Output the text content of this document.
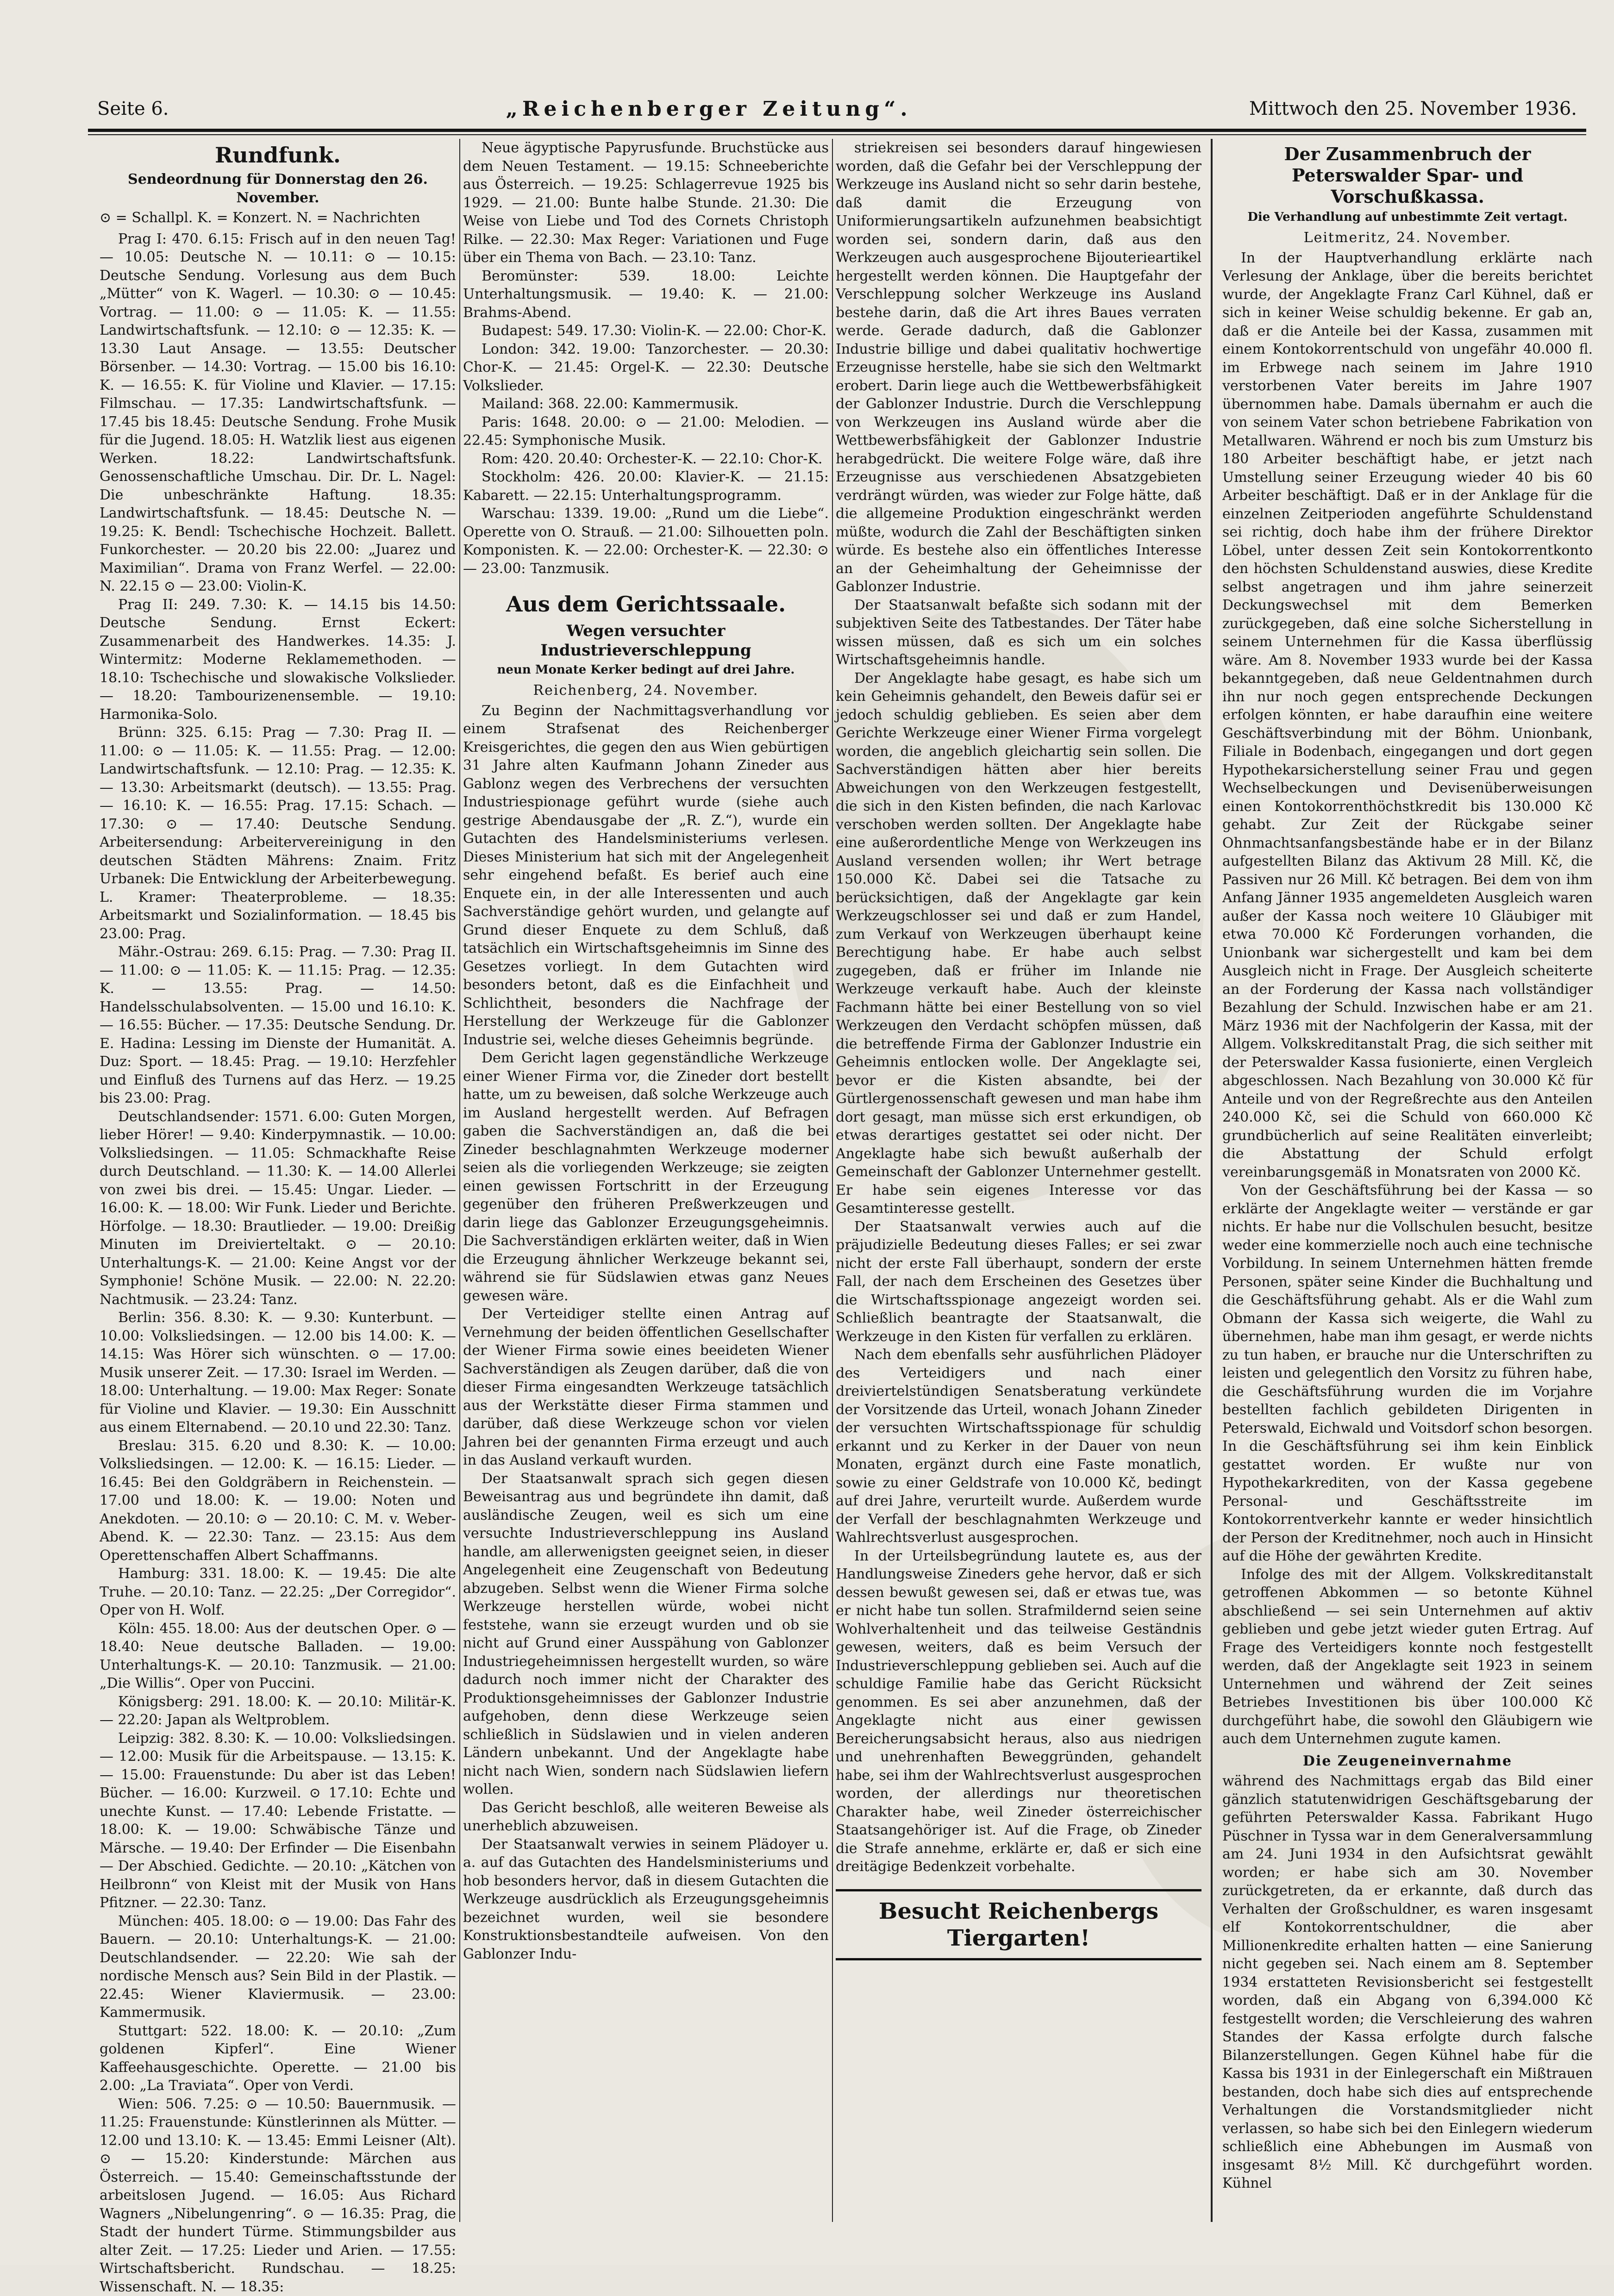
Seite 6.	„Reichenberger Zeitung“.	Mittwoch den 25. November 1936.
Rundfunk.
Sendeordnung für Donnerstag den 26. November.
⊙ = Schallpl. K. = Konzert. N. = Nachrichten

Prag I: 470. 6.15: Frisch auf in den neuen Tag! — 10.05: Deutsche N. — 10.11: ⊙ — 10.15: Deutsche Sendung. Vorlesung aus dem Buch „Mütter“ von K. Wagerl. — 10.30: ⊙ — 10.45: Vortrag. — 11.00: ⊙ — 11.05: K. — 11.55: Landwirtschaftsfunk. — 12.10: ⊙ — 12.35: K. — 13.30 Laut Ansage. — 13.55: Deutscher Börsenber. — 14.30: Vortrag. — 15.00 bis 16.10: K. — 16.55: K. für Violine und Klavier. — 17.15: Filmschau. — 17.35: Landwirtschaftsfunk. — 17.45 bis 18.45: Deutsche Sendung. Frohe Musik für die Jugend. 18.05: H. Watzlik liest aus eigenen Werken. 18.22: Landwirtschaftsfunk. Genossenschaftliche Umschau. Dir. Dr. L. Nagel: Die unbeschränkte Haftung. 18.35: Landwirtschaftsfunk. — 18.45: Deutsche N. — 19.25: K. Bendl: Tschechische Hochzeit. Ballett. Funkorchester. — 20.20 bis 22.00: „Juarez und Maximilian“. Drama von Franz Werfel. — 22.00: N. 22.15 ⊙ — 23.00: Violin-K.

Prag II: 249. 7.30: K. — 14.15 bis 14.50: Deutsche Sendung. Ernst Eckert: Zusammenarbeit des Handwerkes. 14.35: J. Wintermitz: Moderne Reklamemethoden. — 18.10: Tschechische und slowakische Volkslieder. — 18.20: Tambourizenensemble. — 19.10: Harmonika-Solo.

Brünn: 325. 6.15: Prag — 7.30: Prag II. — 11.00: ⊙ — 11.05: K. — 11.55: Prag. — 12.00: Landwirtschaftsfunk. — 12.10: Prag. — 12.35: K. — 13.30: Arbeitsmarkt (deutsch). — 13.55: Prag. — 16.10: K. — 16.55: Prag. 17.15: Schach. — 17.30: ⊙ — 17.40: Deutsche Sendung. Arbeitersendung: Arbeitervereinigung in den deutschen Städten Mährens: Znaim. Fritz Urbanek: Die Entwicklung der Arbeiterbewegung. L. Kramer: Theaterprobleme. — 18.35: Arbeitsmarkt und Sozialinformation. — 18.45 bis 23.00: Prag.

Mähr.-Ostrau: 269. 6.15: Prag. — 7.30: Prag II. — 11.00: ⊙ — 11.05: K. — 11.15: Prag. — 12.35: K. — 13.55: Prag. — 14.50: Handelsschulabsolventen. — 15.00 und 16.10: K. — 16.55: Bücher. — 17.35: Deutsche Sendung. Dr. E. Hadina: Lessing im Dienste der Humanität. A. Duz: Sport. — 18.45: Prag. — 19.10: Herzfehler und Einfluß des Turnens auf das Herz. — 19.25 bis 23.00: Prag.

Deutschlandsender: 1571. 6.00: Guten Morgen, lieber Hörer! — 9.40: Kinderpymnastik. — 10.00: Volksliedsingen. — 11.05: Schmackhafte Reise durch Deutschland. — 11.30: K. — 14.00 Allerlei von zwei bis drei. — 15.45: Ungar. Lieder. — 16.00: K. — 18.00: Wir Funk. Lieder und Berichte. Hörfolge. — 18.30: Brautlieder. — 19.00: Dreißig Minuten im Dreivierteltakt. ⊙ — 20.10: Unterhaltungs-K. — 21.00: Keine Angst vor der Symphonie! Schöne Musik. — 22.00: N. 22.20: Nachtmusik. — 23.24: Tanz.

Berlin: 356. 8.30: K. — 9.30: Kunterbunt. — 10.00: Volksliedsingen. — 12.00 bis 14.00: K. — 14.15: Was Hörer sich wünschten. ⊙ — 17.00: Musik unserer Zeit. — 17.30: Israel im Werden. — 18.00: Unterhaltung. — 19.00: Max Reger: Sonate für Violine und Klavier. — 19.30: Ein Ausschnitt aus einem Elternabend. — 20.10 und 22.30: Tanz.

Breslau: 315. 6.20 und 8.30: K. — 10.00: Volksliedsingen. — 12.00: K. — 16.15: Lieder. — 16.45: Bei den Goldgräbern in Reichenstein. — 17.00 und 18.00: K. — 19.00: Noten und Anekdoten. — 20.10: ⊙ — 20.10: C. M. v. Weber-Abend. K. — 22.30: Tanz. — 23.15: Aus dem Operettenschaffen Albert Schaffmanns.

Hamburg: 331. 18.00: K. — 19.45: Die alte Truhe. — 20.10: Tanz. — 22.25: „Der Corregidor“. Oper von H. Wolf.

Köln: 455. 18.00: Aus der deutschen Oper. ⊙ — 18.40: Neue deutsche Balladen. — 19.00: Unterhaltungs-K. — 20.10: Tanzmusik. — 21.00: „Die Willis“. Oper von Puccini.

Königsberg: 291. 18.00: K. — 20.10: Militär-K. — 22.20: Japan als Weltproblem.

Leipzig: 382. 8.30: K. — 10.00: Volksliedsingen. — 12.00: Musik für die Arbeitspause. — 13.15: K. — 15.00: Frauenstunde: Du aber ist das Leben! Bücher. — 16.00: Kurzweil. ⊙ 17.10: Echte und unechte Kunst. — 17.40: Lebende Fristatte. — 18.00: K. — 19.00: Schwäbische Tänze und Märsche. — 19.40: Der Erfinder — Die Eisenbahn — Der Abschied. Gedichte. — 20.10: „Kätchen von Heilbronn“ von Kleist mit der Musik von Hans Pfitzner. — 22.30: Tanz.

München: 405. 18.00: ⊙ — 19.00: Das Fahr des Bauern. — 20.10: Unterhaltungs-K. — 21.00: Deutschlandsender. — 22.20: Wie sah der nordische Mensch aus? Sein Bild in der Plastik. — 22.45: Wiener Klaviermusik. — 23.00: Kammermusik.

Stuttgart: 522. 18.00: K. — 20.10: „Zum goldenen Kipferl“. Eine Wiener Kaffeehausgeschichte. Operette. — 21.00 bis 2.00: „La Traviata“. Oper von Verdi.

Wien: 506. 7.25: ⊙ — 10.50: Bauernmusik. — 11.25: Frauenstunde: Künstlerinnen als Mütter. — 12.00 und 13.10: K. — 13.45: Emmi Leisner (Alt). ⊙ — 15.20: Kinderstunde: Märchen aus Österreich. — 15.40: Gemeinschaftsstunde der arbeitslosen Jugend. — 16.05: Aus Richard Wagners „Nibelungenring“. ⊙ — 16.35: Prag, die Stadt der hundert Türme. Stimmungsbilder aus alter Zeit. — 17.25: Lieder und Arien. — 17.55: Wirtschaftsbericht. Rundschau. — 18.25: Wissenschaft. N. — 18.35:

Neue ägyptische Papyrusfunde. Bruchstücke aus dem Neuen Testament. — 19.15: Schneeberichte aus Österreich. — 19.25: Schlagerrevue 1925 bis 1929. — 21.00: Bunte halbe Stunde. 21.30: Die Weise von Liebe und Tod des Cornets Christoph Rilke. — 22.30: Max Reger: Variationen und Fuge über ein Thema von Bach. — 23.10: Tanz.

Beromünster: 539. 18.00: Leichte Unterhaltungsmusik. — 19.40: K. — 21.00: Brahms-Abend.

Budapest: 549. 17.30: Violin-K. — 22.00: Chor-K.

London: 342. 19.00: Tanzorchester. — 20.30: Chor-K. — 21.45: Orgel-K. — 22.30: Deutsche Volkslieder.

Mailand: 368. 22.00: Kammermusik.

Paris: 1648. 20.00: ⊙ — 21.00: Melodien. — 22.45: Symphonische Musik.

Rom: 420. 20.40: Orchester-K. — 22.10: Chor-K.

Stockholm: 426. 20.00: Klavier-K. — 21.15: Kabarett. — 22.15: Unterhaltungsprogramm.

Warschau: 1339. 19.00: „Rund um die Liebe“. Operette von O. Strauß. — 21.00: Silhouetten poln. Komponisten. K. — 22.00: Orchester-K. — 22.30: ⊙ — 23.00: Tanzmusik.

Aus dem Gerichtssaale.
Wegen versuchter Industrieverschleppung
neun Monate Kerker bedingt auf drei Jahre.
Reichenberg, 24. November.

Zu Beginn der Nachmittagsverhandlung vor einem Strafsenat des Reichenberger Kreisgerichtes, die gegen den aus Wien gebürtigen 31 Jahre alten Kaufmann Johann Zineder aus Gablonz wegen des Verbrechens der versuchten Industriespionage geführt wurde (siehe auch gestrige Abendausgabe der „R. Z.“), wurde ein Gutachten des Handelsministeriums verlesen. Dieses Ministerium hat sich mit der Angelegenheit sehr eingehend befaßt. Es berief auch eine Enquete ein, in der alle Interessenten und auch Sachverständige gehört wurden, und gelangte auf Grund dieser Enquete zu dem Schluß, daß tatsächlich ein Wirtschaftsgeheimnis im Sinne des Gesetzes vorliegt. In dem Gutachten wird besonders betont, daß es die Einfachheit und Schlichtheit, besonders die Nachfrage der Herstellung der Werkzeuge für die Gablonzer Industrie sei, welche dieses Geheimnis begründe.

Dem Gericht lagen gegenständliche Werkzeuge einer Wiener Firma vor, die Zineder dort bestellt hatte, um zu beweisen, daß solche Werkzeuge auch im Ausland hergestellt werden. Auf Befragen gaben die Sachverständigen an, daß die bei Zineder beschlagnahmten Werkzeuge moderner seien als die vorliegenden Werkzeuge; sie zeigten einen gewissen Fortschritt in der Erzeugung gegenüber den früheren Preßwerkzeugen und darin liege das Gablonzer Erzeugungsgeheimnis. Die Sachverständigen erklärten weiter, daß in Wien die Erzeugung ähnlicher Werkzeuge bekannt sei, während sie für Südslawien etwas ganz Neues gewesen wäre.

Der Verteidiger stellte einen Antrag auf Vernehmung der beiden öffentlichen Gesellschafter der Wiener Firma sowie eines beeideten Wiener Sachverständigen als Zeugen darüber, daß die von dieser Firma eingesandten Werkzeuge tatsächlich aus der Werkstätte dieser Firma stammen und darüber, daß diese Werkzeuge schon vor vielen Jahren bei der genannten Firma erzeugt und auch in das Ausland verkauft wurden.

Der Staatsanwalt sprach sich gegen diesen Beweisantrag aus und begründete ihn damit, daß ausländische Zeugen, weil es sich um eine versuchte Industrieverschleppung ins Ausland handle, am allerwenigsten geeignet seien, in dieser Angelegenheit eine Zeugenschaft von Bedeutung abzugeben. Selbst wenn die Wiener Firma solche Werkzeuge herstellen würde, wobei nicht feststehe, wann sie erzeugt wurden und ob sie nicht auf Grund einer Ausspähung von Gablonzer Industriegeheimnissen hergestellt wurden, so wäre dadurch noch immer nicht der Charakter des Produktionsgeheimnisses der Gablonzer Industrie aufgehoben, denn diese Werkzeuge seien schließlich in Südslawien und in vielen anderen Ländern unbekannt. Und der Angeklagte habe nicht nach Wien, sondern nach Südslawien liefern wollen.

Das Gericht beschloß, alle weiteren Beweise als unerheblich abzuweisen.

Der Staatsanwalt verwies in seinem Plädoyer u. a. auf das Gutachten des Handelsministeriums und hob besonders hervor, daß in diesem Gutachten die Werkzeuge ausdrücklich als Erzeugungsgeheimnis bezeichnet wurden, weil sie besondere Konstruktionsbestandteile aufweisen. Von den Gablonzer Indu-

striekreisen sei besonders darauf hingewiesen worden, daß die Gefahr bei der Verschleppung der Werkzeuge ins Ausland nicht so sehr darin bestehe, daß damit die Erzeugung von Uniformierungsartikeln aufzunehmen beabsichtigt worden sei, sondern darin, daß aus den Werkzeugen auch ausgesprochene Bijouterieartikel hergestellt werden können. Die Hauptgefahr der Verschleppung solcher Werkzeuge ins Ausland bestehe darin, daß die Art ihres Baues verraten werde. Gerade dadurch, daß die Gablonzer Industrie billige und dabei qualitativ hochwertige Erzeugnisse herstelle, habe sie sich den Weltmarkt erobert. Darin liege auch die Wettbewerbsfähigkeit der Gablonzer Industrie. Durch die Verschleppung von Werkzeugen ins Ausland würde aber die Wettbewerbsfähigkeit der Gablonzer Industrie herabgedrückt. Die weitere Folge wäre, daß ihre Erzeugnisse aus verschiedenen Absatzgebieten verdrängt würden, was wieder zur Folge hätte, daß die allgemeine Produktion eingeschränkt werden müßte, wodurch die Zahl der Beschäftigten sinken würde. Es bestehe also ein öffentliches Interesse an der Geheimhaltung der Geheimnisse der Gablonzer Industrie.

Der Staatsanwalt befaßte sich sodann mit der subjektiven Seite des Tatbestandes. Der Täter habe wissen müssen, daß es sich um ein solches Wirtschaftsgeheimnis handle.

Der Angeklagte habe gesagt, es habe sich um kein Geheimnis gehandelt, den Beweis dafür sei er jedoch schuldig geblieben. Es seien aber dem Gerichte Werkzeuge einer Wiener Firma vorgelegt worden, die angeblich gleichartig sein sollen. Die Sachverständigen hätten aber hier bereits Abweichungen von den Werkzeugen festgestellt, die sich in den Kisten befinden, die nach Karlovac verschoben werden sollten. Der Angeklagte habe eine außerordentliche Menge von Werkzeugen ins Ausland versenden wollen; ihr Wert betrage 150.000 Kč. Dabei sei die Tatsache zu berücksichtigen, daß der Angeklagte gar kein Werkzeugschlosser sei und daß er zum Handel, zum Verkauf von Werkzeugen überhaupt keine Berechtigung habe. Er habe auch selbst zugegeben, daß er früher im Inlande nie Werkzeuge verkauft habe. Auch der kleinste Fachmann hätte bei einer Bestellung von so viel Werkzeugen den Verdacht schöpfen müssen, daß die betreffende Firma der Gablonzer Industrie ein Geheimnis entlocken wolle. Der Angeklagte sei, bevor er die Kisten absandte, bei der Gürtlergenossenschaft gewesen und man habe ihm dort gesagt, man müsse sich erst erkundigen, ob etwas derartiges gestattet sei oder nicht. Der Angeklagte habe sich bewußt außerhalb der Gemeinschaft der Gablonzer Unternehmer gestellt. Er habe sein eigenes Interesse vor das Gesamtinteresse gestellt.

Der Staatsanwalt verwies auch auf die präjudizielle Bedeutung dieses Falles; er sei zwar nicht der erste Fall überhaupt, sondern der erste Fall, der nach dem Erscheinen des Gesetzes über die Wirtschaftsspionage angezeigt worden sei. Schließlich beantragte der Staatsanwalt, die Werkzeuge in den Kisten für verfallen zu erklären.

Nach dem ebenfalls sehr ausführlichen Plädoyer des Verteidigers und nach einer dreiviertelstündigen Senatsberatung verkündete der Vorsitzende das Urteil, wonach Johann Zineder der versuchten Wirtschaftsspionage für schuldig erkannt und zu Kerker in der Dauer von neun Monaten, ergänzt durch eine Faste monatlich, sowie zu einer Geldstrafe von 10.000 Kč, bedingt auf drei Jahre, verurteilt wurde. Außerdem wurde der Verfall der beschlagnahmten Werkzeuge und Wahlrechtsverlust ausgesprochen.

In der Urteilsbegründung lautete es, aus der Handlungsweise Zineders gehe hervor, daß er sich dessen bewußt gewesen sei, daß er etwas tue, was er nicht habe tun sollen. Strafmildernd seien seine Wohlverhaltenheit und das teilweise Geständnis gewesen, weiters, daß es beim Versuch der Industrieverschleppung geblieben sei. Auch auf die schuldige Familie habe das Gericht Rücksicht genommen. Es sei aber anzunehmen, daß der Angeklagte nicht aus einer gewissen Bereicherungsabsicht heraus, also aus niedrigen und unehrenhaften Beweggründen, gehandelt habe, sei ihm der Wahlrechtsverlust ausgesprochen worden, der allerdings nur theoretischen Charakter habe, weil Zineder österreichischer Staatsangehöriger ist. Auf die Frage, ob Zineder die Strafe annehme, erklärte er, daß er sich eine dreitägige Bedenkzeit vorbehalte.

Besucht Reichenbergs Tiergarten!
Der Zusammenbruch der Peterswalder Spar- und Vorschußkassa.
Die Verhandlung auf unbestimmte Zeit vertagt.
Leitmeritz, 24. November.

In der Hauptverhandlung erklärte nach Verlesung der Anklage, über die bereits berichtet wurde, der Angeklagte Franz Carl Kühnel, daß er sich in keiner Weise schuldig bekenne. Er gab an, daß er die Anteile bei der Kassa, zusammen mit einem Kontokorrentschuld von ungefähr 40.000 fl. im Erbwege nach seinem im Jahre 1910 verstorbenen Vater bereits im Jahre 1907 übernommen habe. Damals übernahm er auch die von seinem Vater schon betriebene Fabrikation von Metallwaren. Während er noch bis zum Umsturz bis 180 Arbeiter beschäftigt habe, er jetzt nach Umstellung seiner Erzeugung wieder 40 bis 60 Arbeiter beschäftigt. Daß er in der Anklage für die einzelnen Zeitperioden angeführte Schuldenstand sei richtig, doch habe ihm der frühere Direktor Löbel, unter dessen Zeit sein Kontokorrentkonto den höchsten Schuldenstand auswies, diese Kredite selbst angetragen und ihm jahre seinerzeit Deckungswechsel mit dem Bemerken zurückgegeben, daß eine solche Sicherstellung in seinem Unternehmen für die Kassa überflüssig wäre. Am 8. November 1933 wurde bei der Kassa bekanntgegeben, daß neue Geldentnahmen durch ihn nur noch gegen entsprechende Deckungen erfolgen könnten, er habe daraufhin eine weitere Geschäftsverbindung mit der Böhm. Unionbank, Filiale in Bodenbach, eingegangen und dort gegen Hypothekarsicherstellung seiner Frau und gegen Wechselbeckungen und Devisenüberweisungen einen Kontokorrenthöchstkredit bis 130.000 Kč gehabt. Zur Zeit der Rückgabe seiner Ohnmachtsanfangsbestände habe er in der Bilanz aufgestellten Bilanz das Aktivum 28 Mill. Kč, die Passiven nur 26 Mill. Kč betragen. Bei dem von ihm Anfang Jänner 1935 angemeldeten Ausgleich waren außer der Kassa noch weitere 10 Gläubiger mit etwa 70.000 Kč Forderungen vorhanden, die Unionbank war sichergestellt und kam bei dem Ausgleich nicht in Frage. Der Ausgleich scheiterte an der Forderung der Kassa nach vollständiger Bezahlung der Schuld. Inzwischen habe er am 21. März 1936 mit der Nachfolgerin der Kassa, mit der Allgem. Volkskreditanstalt Prag, die sich seither mit der Peterswalder Kassa fusionierte, einen Vergleich abgeschlossen. Nach Bezahlung von 30.000 Kč für Anteile und von der Regreßrechte aus den Anteilen 240.000 Kč, sei die Schuld von 660.000 Kč grundbücherlich auf seine Realitäten einverleibt; die Abstattung der Schuld erfolgt vereinbarungsgemäß in Monatsraten von 2000 Kč.

Von der Geschäftsführung bei der Kassa — so erklärte der Angeklagte weiter — verstände er gar nichts. Er habe nur die Vollschulen besucht, besitze weder eine kommerzielle noch auch eine technische Vorbildung. In seinem Unternehmen hätten fremde Personen, später seine Kinder die Buchhaltung und die Geschäftsführung gehabt. Als er die Wahl zum Obmann der Kassa sich weigerte, die Wahl zu übernehmen, habe man ihm gesagt, er werde nichts zu tun haben, er brauche nur die Unterschriften zu leisten und gelegentlich den Vorsitz zu führen habe, die Geschäftsführung wurden die im Vorjahre bestellten fachlich gebildeten Dirigenten in Peterswald, Eichwald und Voitsdorf schon besorgen. In die Geschäftsführung sei ihm kein Einblick gestattet worden. Er wußte nur von Hypothekarkrediten, von der Kassa gegebene Personal- und Geschäftsstreite im Kontokorrentverkehr kannte er weder hinsichtlich der Person der Kreditnehmer, noch auch in Hinsicht auf die Höhe der gewährten Kredite.

Infolge des mit der Allgem. Volkskreditanstalt getroffenen Abkommen — so betonte Kühnel abschließend — sei sein Unternehmen auf aktiv geblieben und gebe jetzt wieder guten Ertrag. Auf Frage des Verteidigers konnte noch festgestellt werden, daß der Angeklagte seit 1923 in seinem Unternehmen und während der Zeit seines Betriebes Investitionen bis über 100.000 Kč durchgeführt habe, die sowohl den Gläubigern wie auch dem Unternehmen zugute kamen.

Die Zeugeneinvernahme

während des Nachmittags ergab das Bild einer gänzlich statutenwidrigen Geschäftsgebarung der geführten Peterswalder Kassa. Fabrikant Hugo Püschner in Tyssa war in dem Generalversammlung am 24. Juni 1934 in den Aufsichtsrat gewählt worden; er habe sich am 30. November zurückgetreten, da er erkannte, daß durch das Verhalten der Großschuldner, es waren insgesamt elf Kontokorrentschuldner, die aber Millionenkredite erhalten hatten — eine Sanierung nicht gegeben sei. Nach einem am 8. September 1934 erstatteten Revisionsbericht sei festgestellt worden, daß ein Abgang von 6,394.000 Kč festgestellt worden; die Verschleierung des wahren Standes der Kassa erfolgte durch falsche Bilanzerstellungen. Gegen Kühnel habe für die Kassa bis 1931 in der Einlegerschaft ein Mißtrauen bestanden, doch habe sich dies auf entsprechende Verhaltungen die Vorstandsmitglieder nicht verlassen, so habe sich bei den Einlegern wiederum schließlich eine Abhebungen im Ausmaß von insgesamt 8½ Mill. Kč durchgeführt worden. Kühnel
